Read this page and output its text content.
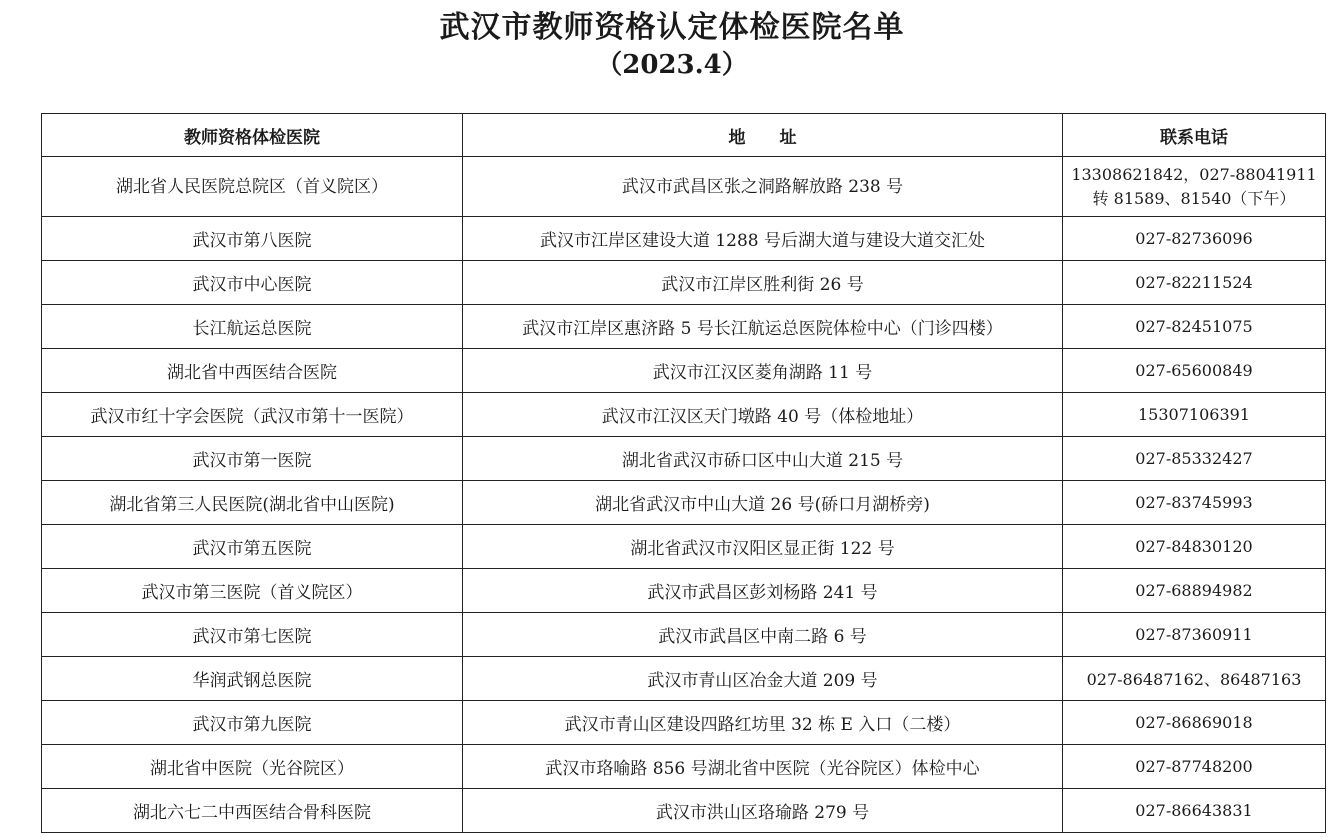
武汉市教师资格认定体检医院名单
（2023.4）
教师资格体检医院	地　　址	联系电话
湖北省人民医院总院区（首义院区）	武汉市武昌区张之洞路解放路 238 号	13308621842，027-88041911
转 81589、81540（下午）

武汉市第八医院	武汉市江岸区建设大道 1288 号后湖大道与建设大道交汇处	027-82736096

武汉市中心医院	武汉市江岸区胜利街 26 号	027-82211524

长江航运总医院	武汉市江岸区惠济路 5 号长江航运总医院体检中心（门诊四楼）	027-82451075

湖北省中西医结合医院	武汉市江汉区菱角湖路 11 号	027-65600849

武汉市红十字会医院（武汉市第十一医院）	武汉市江汉区天门墩路 40 号（体检地址）	15307106391

武汉市第一医院	湖北省武汉市硚口区中山大道 215 号	027-85332427

湖北省第三人民医院(湖北省中山医院)	湖北省武汉市中山大道 26 号(硚口月湖桥旁)	027-83745993

武汉市第五医院	湖北省武汉市汉阳区显正街 122 号	027-84830120

武汉市第三医院（首义院区）	武汉市武昌区彭刘杨路 241 号	027-68894982

武汉市第七医院	武汉市武昌区中南二路 6 号	027-87360911

华润武钢总医院	武汉市青山区冶金大道 209 号	027-86487162、86487163

武汉市第九医院	武汉市青山区建设四路红坊里 32 栋 E 入口（二楼）	027-86869018

湖北省中医院（光谷院区）	武汉市珞喻路 856 号湖北省中医院（光谷院区）体检中心	027-87748200

湖北六七二中西医结合骨科医院	武汉市洪山区珞瑜路 279 号	027-86643831
